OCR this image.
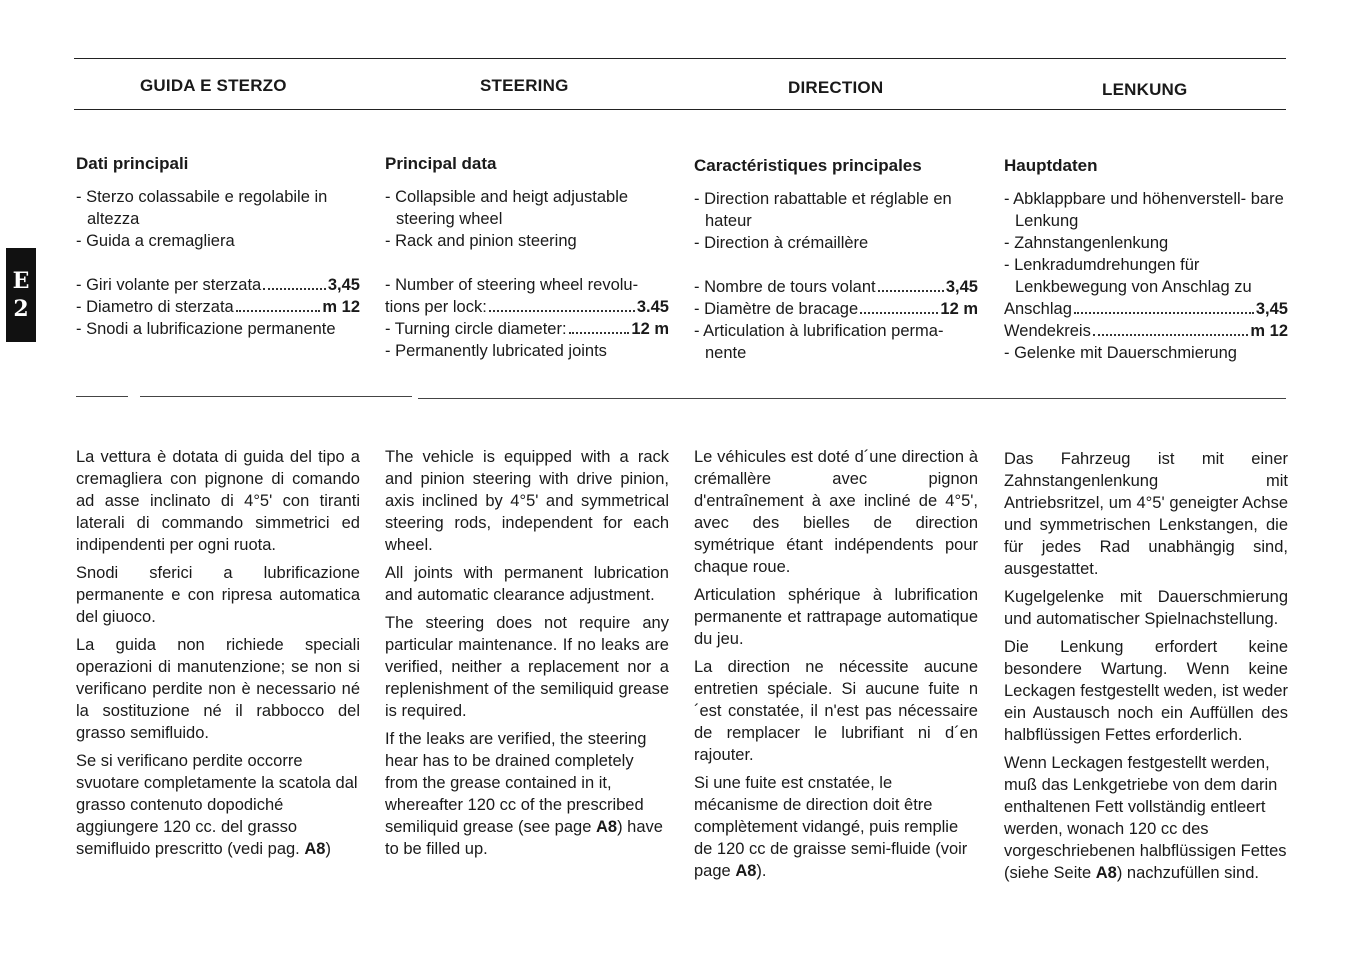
E
2
GUIDA E STERZO	STEERING	DIRECTION	LENKUNG
Dati principali
- Sterzo colassabile e regolabile in altezza
- Guida a cremagliera
- Giri volante per sterzata	3,45
- Diametro di sterzata	m 12
- Snodi a lubrificazione permanente
Principal data
- Collapsible and heigt adjustable steering wheel
- Rack and pinion steering
- Number of steering wheel revolu-
tions per lock:	3.45
- Turning circle diameter:	12 m
- Permanently lubricated joints
Caractéristiques principales
- Direction rabattable et réglable en hateur
- Direction à crémaillère
- Nombre de tours volant	3,45
- Diamètre de bracage	12 m
- Articulation à lubrification perma- nente
Hauptdaten
- Abklappbare und höhenverstell- bare Lenkung
- Zahnstangenlenkung
- Lenkradumdrehungen für Lenkbewegung von Anschlag zu
Anschlag	3,45
Wendekreis	m 12
- Gelenke mit Dauerschmierung

La vettura è dotata di guida del tipo a cremagliera con pignone di comando ad asse inclinato di 4°5' con tiranti laterali di commando simmetrici ed indipendenti per ogni ruota.

Snodi sferici a lubrificazione permanente e con ripresa automatica del giuoco.

La guida non richiede speciali operazioni di manutenzione; se non si verificano perdite non è necessario né la sostituzione né il rabbocco del grasso semifluido.

Se si verificano perdite occorre svuotare completamente la scatola dal grasso contenuto dopodiché aggiungere 120 cc. del grasso semifluido prescritto (vedi pag. A8)

The vehicle is equipped with a rack and pinion steering with drive pinion, axis inclined by 4°5' and symmetrical steering rods, independent for each wheel.

All joints with permanent lubrication and automatic clearance adjustment.

The steering does not require any particular maintenance. If no leaks are verified, neither a replacement nor a replenishment of the semiliquid grease is required.

If the leaks are verified, the steering hear has to be drained completely from the grease contained in it, whereafter 120 cc of the prescribed semiliquid grease (see page A8) have to be filled up.

Le véhicules est doté d´une direction à crémallère avec pignon d'entraînement à axe incliné de 4°5', avec des bielles de direction symétrique étant indépendents pour chaque roue.

Articulation sphérique à lubrification permanente et rattrapage automatique du jeu.

La direction ne nécessite aucune entretien spéciale. Si aucune fuite n´est constatée, il n'est pas nécessaire de remplacer le lubrifiant ni d´en rajouter.

Si une fuite est cnstatée, le mécanisme de direction doit être complètement vidangé, puis remplie de 120 cc de graisse semi-fluide (voir page A8).

Das Fahrzeug ist mit einer Zahnstangenlenkung mit Antriebsritzel, um 4°5' geneigter Achse und symmetrischen Lenkstangen, die für jedes Rad unabhängig sind, ausgestattet.

Kugelgelenke mit Dauerschmierung und automatischer Spielnachstellung.

Die Lenkung erfordert keine besondere Wartung. Wenn keine Leckagen festgestellt weden, ist weder ein Austausch noch ein Auffüllen des halbflüssigen Fettes erforderlich.

Wenn Leckagen festgestellt werden, muß das Lenkgetriebe von dem darin enthaltenen Fett vollständig entleert werden, wonach 120 cc des vorgeschriebenen halbflüssigen Fettes (siehe Seite A8) nachzufüllen sind.
